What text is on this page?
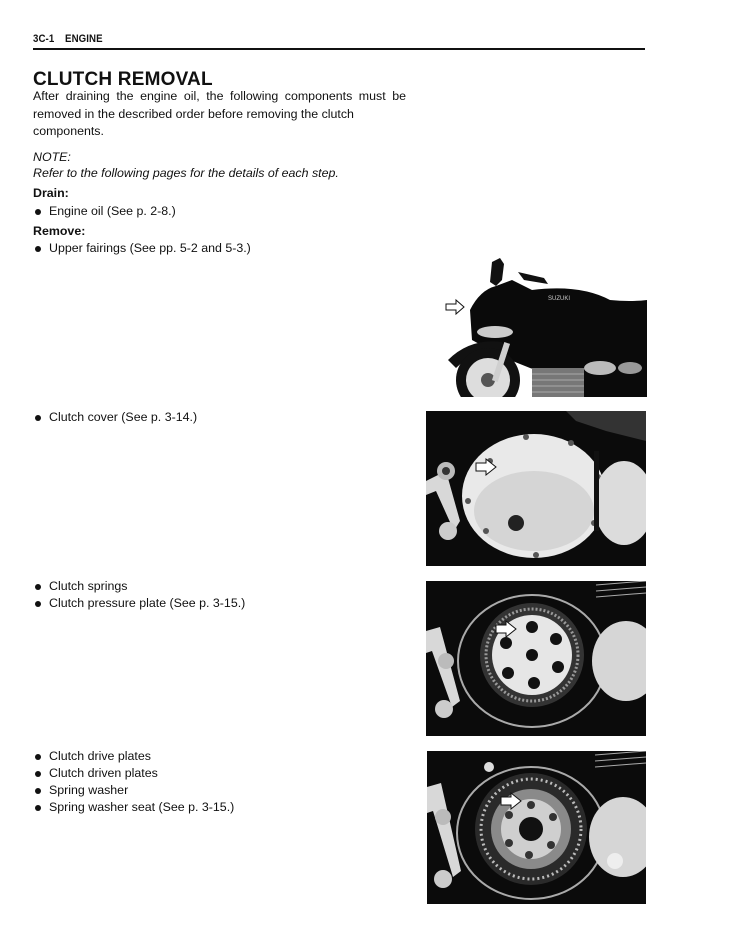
3C-1 ENGINE
CLUTCH REMOVAL
After draining the engine oil, the following components must be removed in the described order before removing the clutch
components.
NOTE:
Refer to the following pages for the details of each step.
Drain:
Engine oil (See p. 2-8.)
Remove:
Upper fairings (See pp. 5-2 and 5-3.)
Clutch cover (See p. 3-14.)
Clutch springs
Clutch pressure plate (See p. 3-15.)
Clutch drive plates
Clutch driven plates
Spring washer
Spring washer seat (See p. 3-15.)
SUZUKI
